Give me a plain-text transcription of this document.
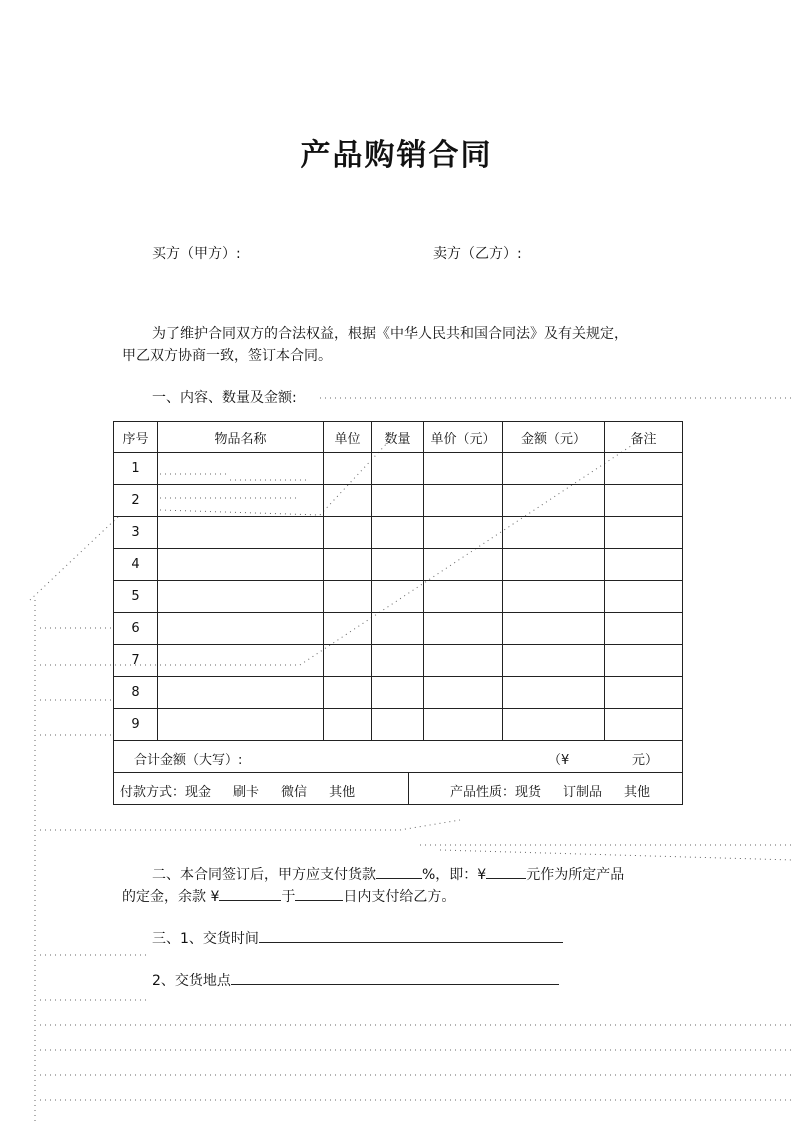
产品购销合同
买方（甲方）:	卖方（乙方）:
为了维护合同双方的合法权益，根据《中华人民共和国合同法》及有关规定，
甲乙双方协商一致，签订本合同。
一、内容、数量及金额:
序号	物品名称	单位	数量	单价（元）	金额（元）	备注
1						
2						
3						
4						
5						
6						
7						
8						
9						

合计金额（大写）: （¥ 元）						

付款方式：现金 刷卡 微信 其他 产品性质：现货 订制品 其他						
二、本合同签订后，甲方应支付货款	%，即：¥	元作为所定产品
的定金，余款 ¥	于	日内支付给乙方。
三、1、交货时间
2、交货地点
